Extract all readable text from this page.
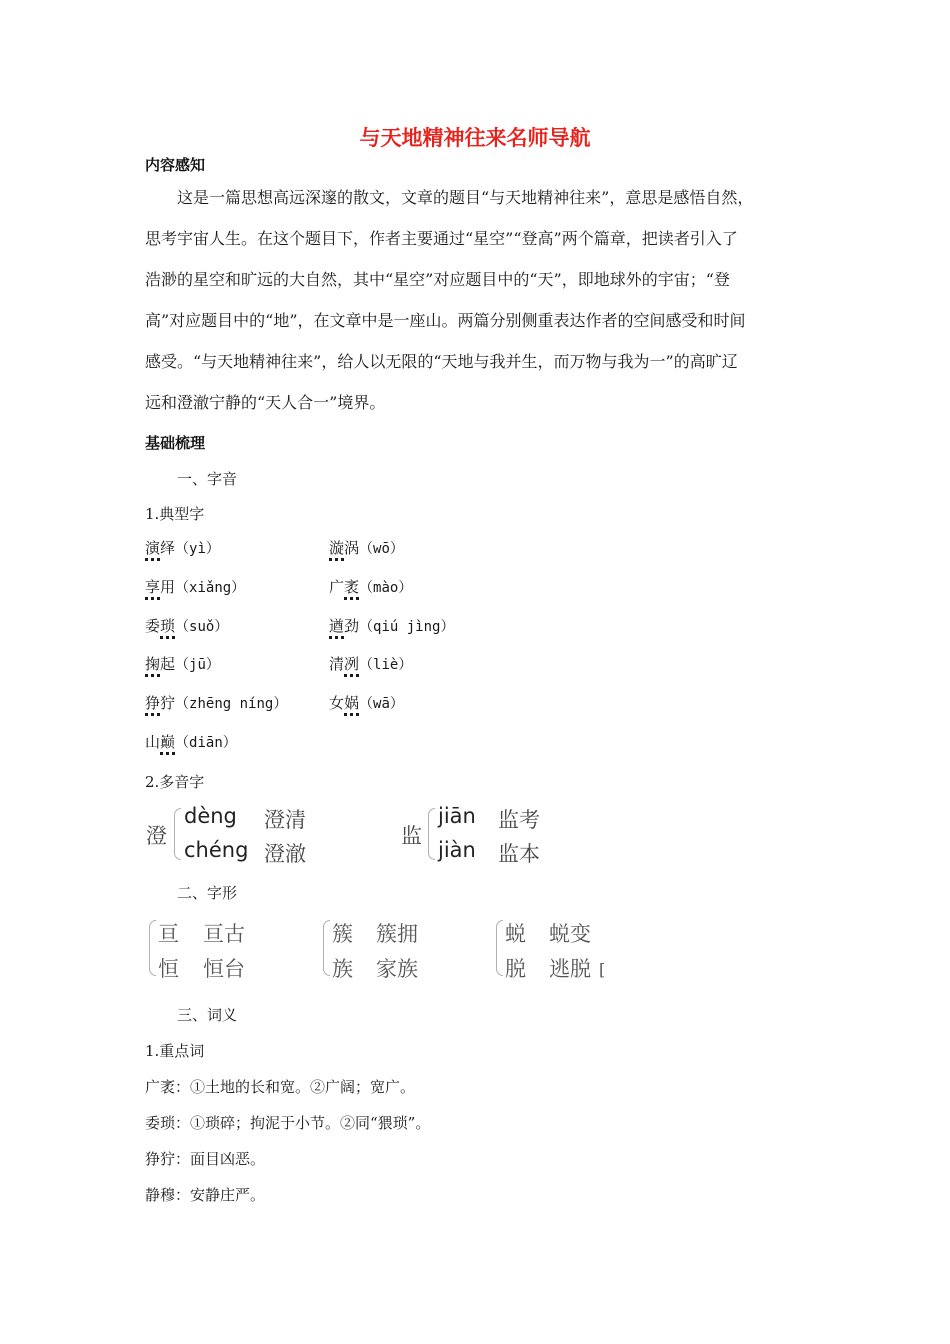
与天地精神往来名师导航
内容感知
这是一篇思想高远深邃的散文，文章的题目“与天地精神往来”，意思是感悟自然，
思考宇宙人生。在这个题目下，作者主要通过“星空”“登高”两个篇章，把读者引入了
浩渺的星空和旷远的大自然，其中“星空”对应题目中的“天”，即地球外的宇宙；“登
高”对应题目中的“地”，在文章中是一座山。两篇分别侧重表达作者的空间感受和时间
感受。“与天地精神往来”，给人以无限的“天地与我并生，而万物与我为一”的高旷辽
远和澄澈宁静的“天人合一”境界。
基础梳理
一、字音
1.典型字
演绎（yì）	漩涡（wō）
享用（xiǎng）	广袤（mào）
委琐（suǒ）	遒劲（qiú jìng）
掬起（jū）	清冽（liè）
狰狞（zhēng níng）	女娲（wā）
山巅（diān）
2.多音字
澄
dèng 澄清
chéng 澄澈
监
jiān 监考
jiàn 监本
二、字形
亘 亘古
恒 恒台
簇 簇拥
族 家族
蜕 蜕变
脱 逃脱 [
三、词义
1.重点词
广袤：①土地的长和宽。②广阔；宽广。
委琐：①琐碎；拘泥于小节。②同“猥琐”。
狰狞：面目凶恶。
静穆：安静庄严。
